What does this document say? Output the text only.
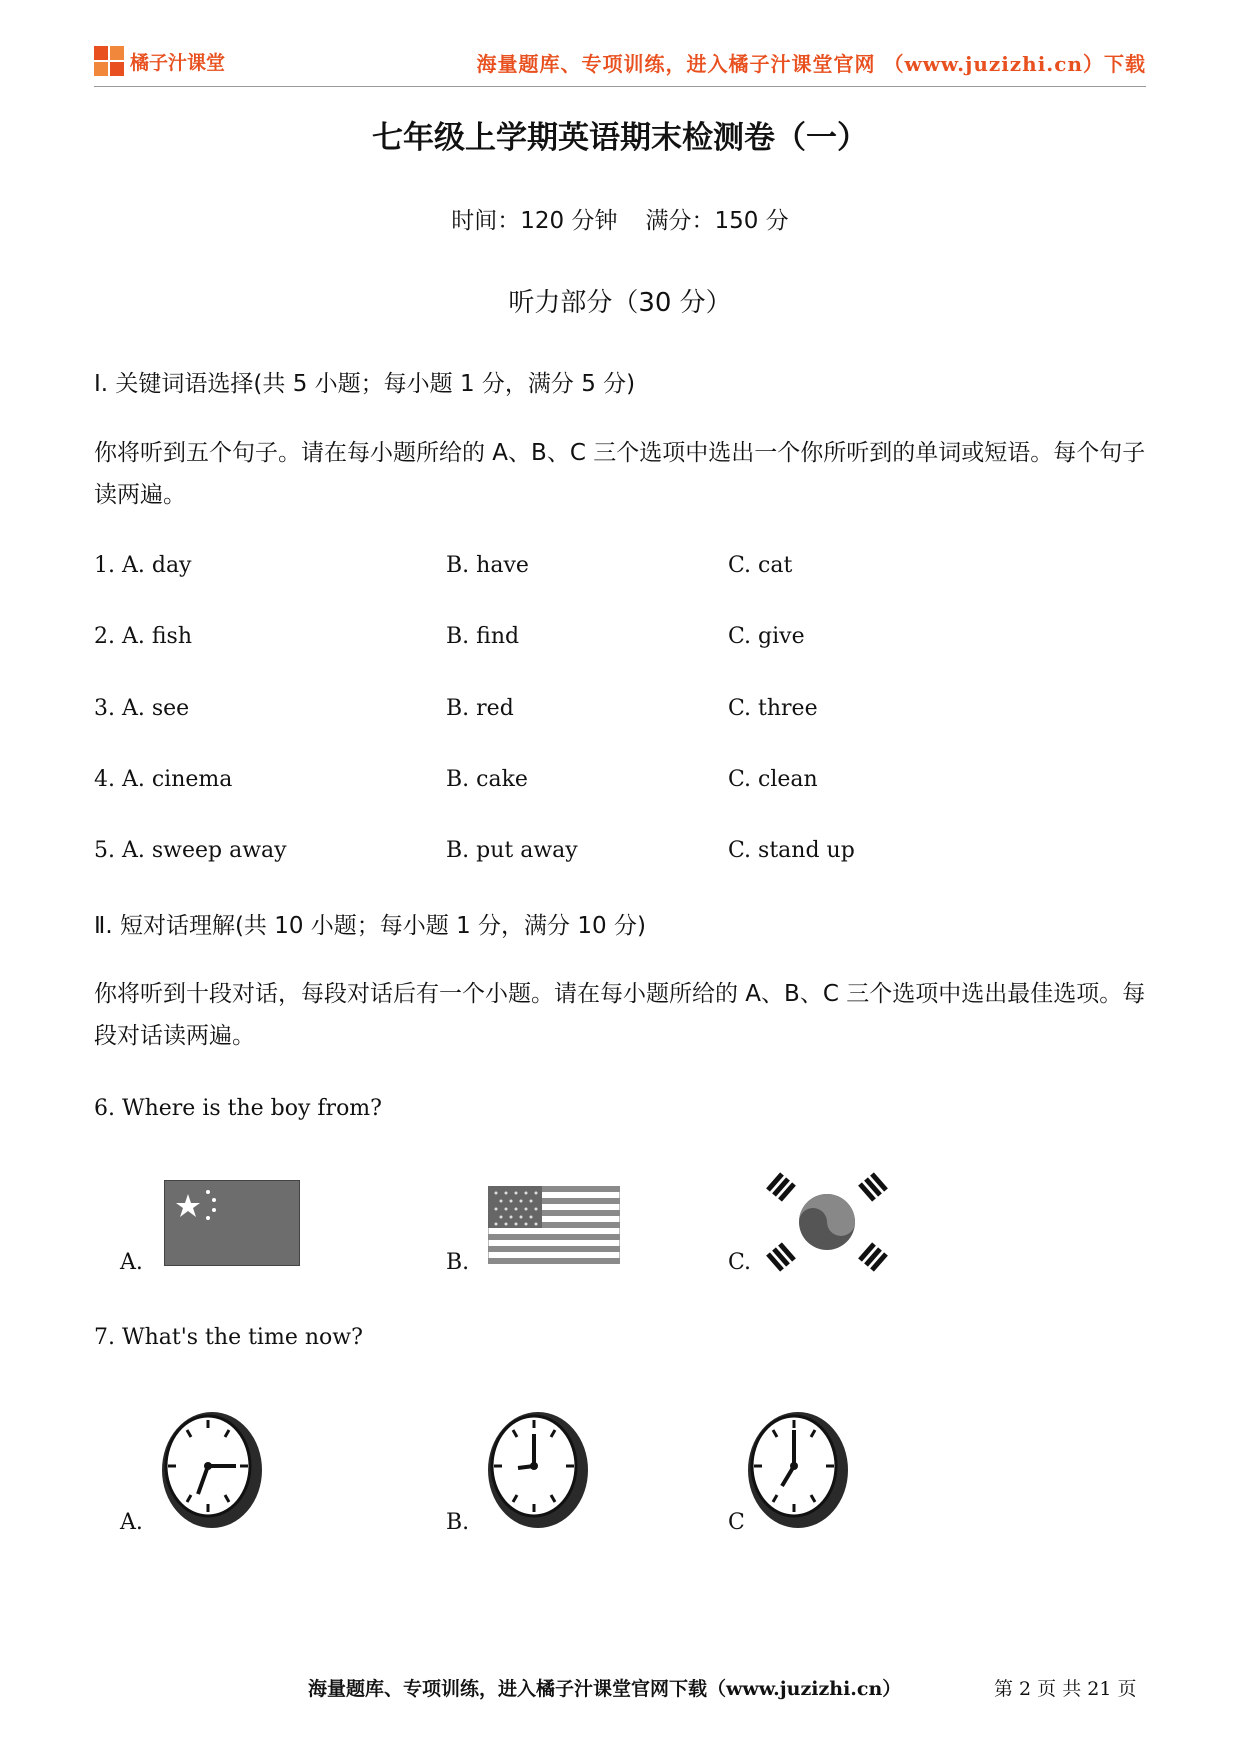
橘子汁课堂	海量题库、专项训练，进入橘子汁课堂官网 （www.juzizhi.cn）下载
七年级上学期英语期末检测卷（一）
时间：120 分钟 满分：150 分
听力部分（30 分）
Ⅰ. 关键词语选择(共 5 小题；每小题 1 分，满分 5 分)
你将听到五个句子。请在每小题所给的 A、B、C 三个选项中选出一个你所听到的单词或短语。每个句子读两遍。
1. A. day	B. have	C. cat
2. A. fish	B. find	C. give
3. A. see	B. red	C. three
4. A. cinema	B. cake	C. clean
5. A. sweep away	B. put away	C. stand up
Ⅱ. 短对话理解(共 10 小题；每小题 1 分，满分 10 分)
你将听到十段对话，每段对话后有一个小题。请在每小题所给的 A、B、C 三个选项中选出最佳选项。每段对话读两遍。
6. Where is the boy from?
A.	B.	C.
7. What's the time now?
A.	B.	C
海量题库、专项训练，进入橘子汁课堂官网下载（www.juzizhi.cn）	第 2 页 共 21 页
